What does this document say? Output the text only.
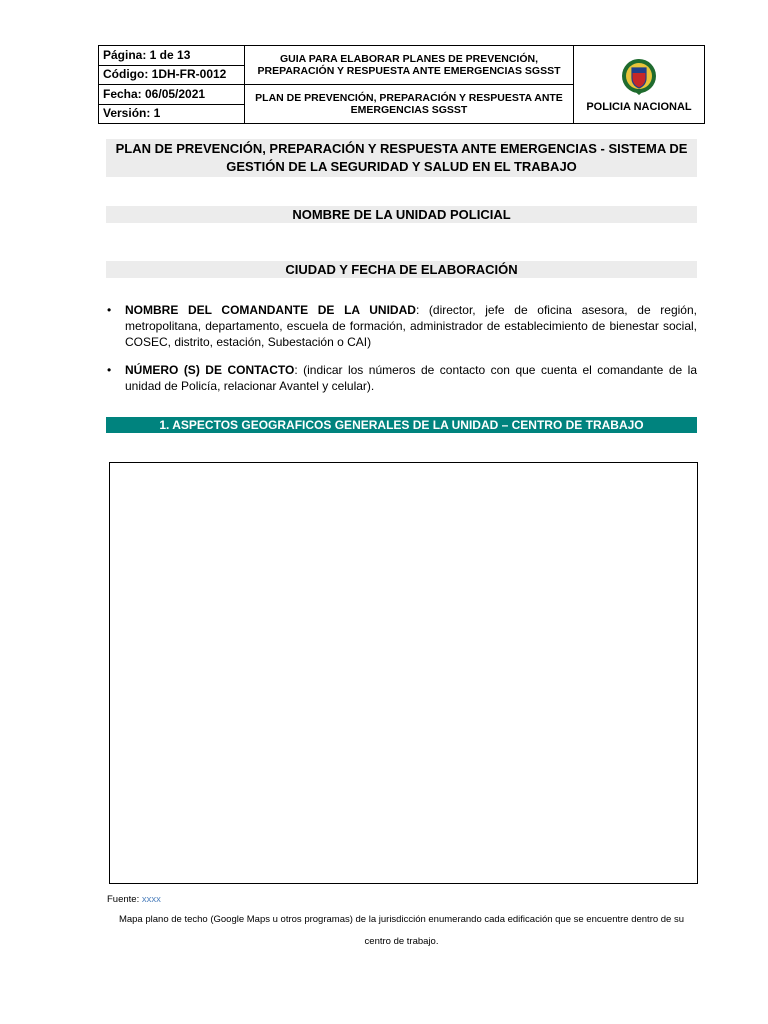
Página: 1 de 13	GUIA PARA ELABORAR PLANES DE PREVENCIÓN, PREPARACIÓN Y RESPUESTA ANTE EMERGENCIAS SGSST	POLICIA NACIONAL

Código: 1DH-FR-0012		
Fecha: 06/05/2021	PLAN DE PREVENCIÓN, PREPARACIÓN Y RESPUESTA ANTE EMERGENCIAS SGSST	
Versión: 1		
PLAN DE PREVENCIÓN, PREPARACIÓN Y RESPUESTA ANTE EMERGENCIAS - SISTEMA DE GESTIÓN DE LA SEGURIDAD Y SALUD EN EL TRABAJO
NOMBRE DE LA UNIDAD POLICIAL
CIUDAD Y FECHA DE ELABORACIÓN
• NOMBRE DEL COMANDANTE DE LA UNIDAD: (director, jefe de oficina asesora, de región, metropolitana, departamento, escuela de formación, administrador de establecimiento de bienestar social, COSEC, distrito, estación, Subestación o CAI)
• NÚMERO (S) DE CONTACTO: (indicar los números de contacto con que cuenta el comandante de la unidad de Policía, relacionar Avantel y celular).
1. ASPECTOS GEOGRAFICOS GENERALES DE LA UNIDAD – CENTRO DE TRABAJO
Fuente: xxxx
Mapa plano de techo (Google Maps u otros programas) de la jurisdicción enumerando cada edificación que se encuentre dentro de su centro de trabajo.
